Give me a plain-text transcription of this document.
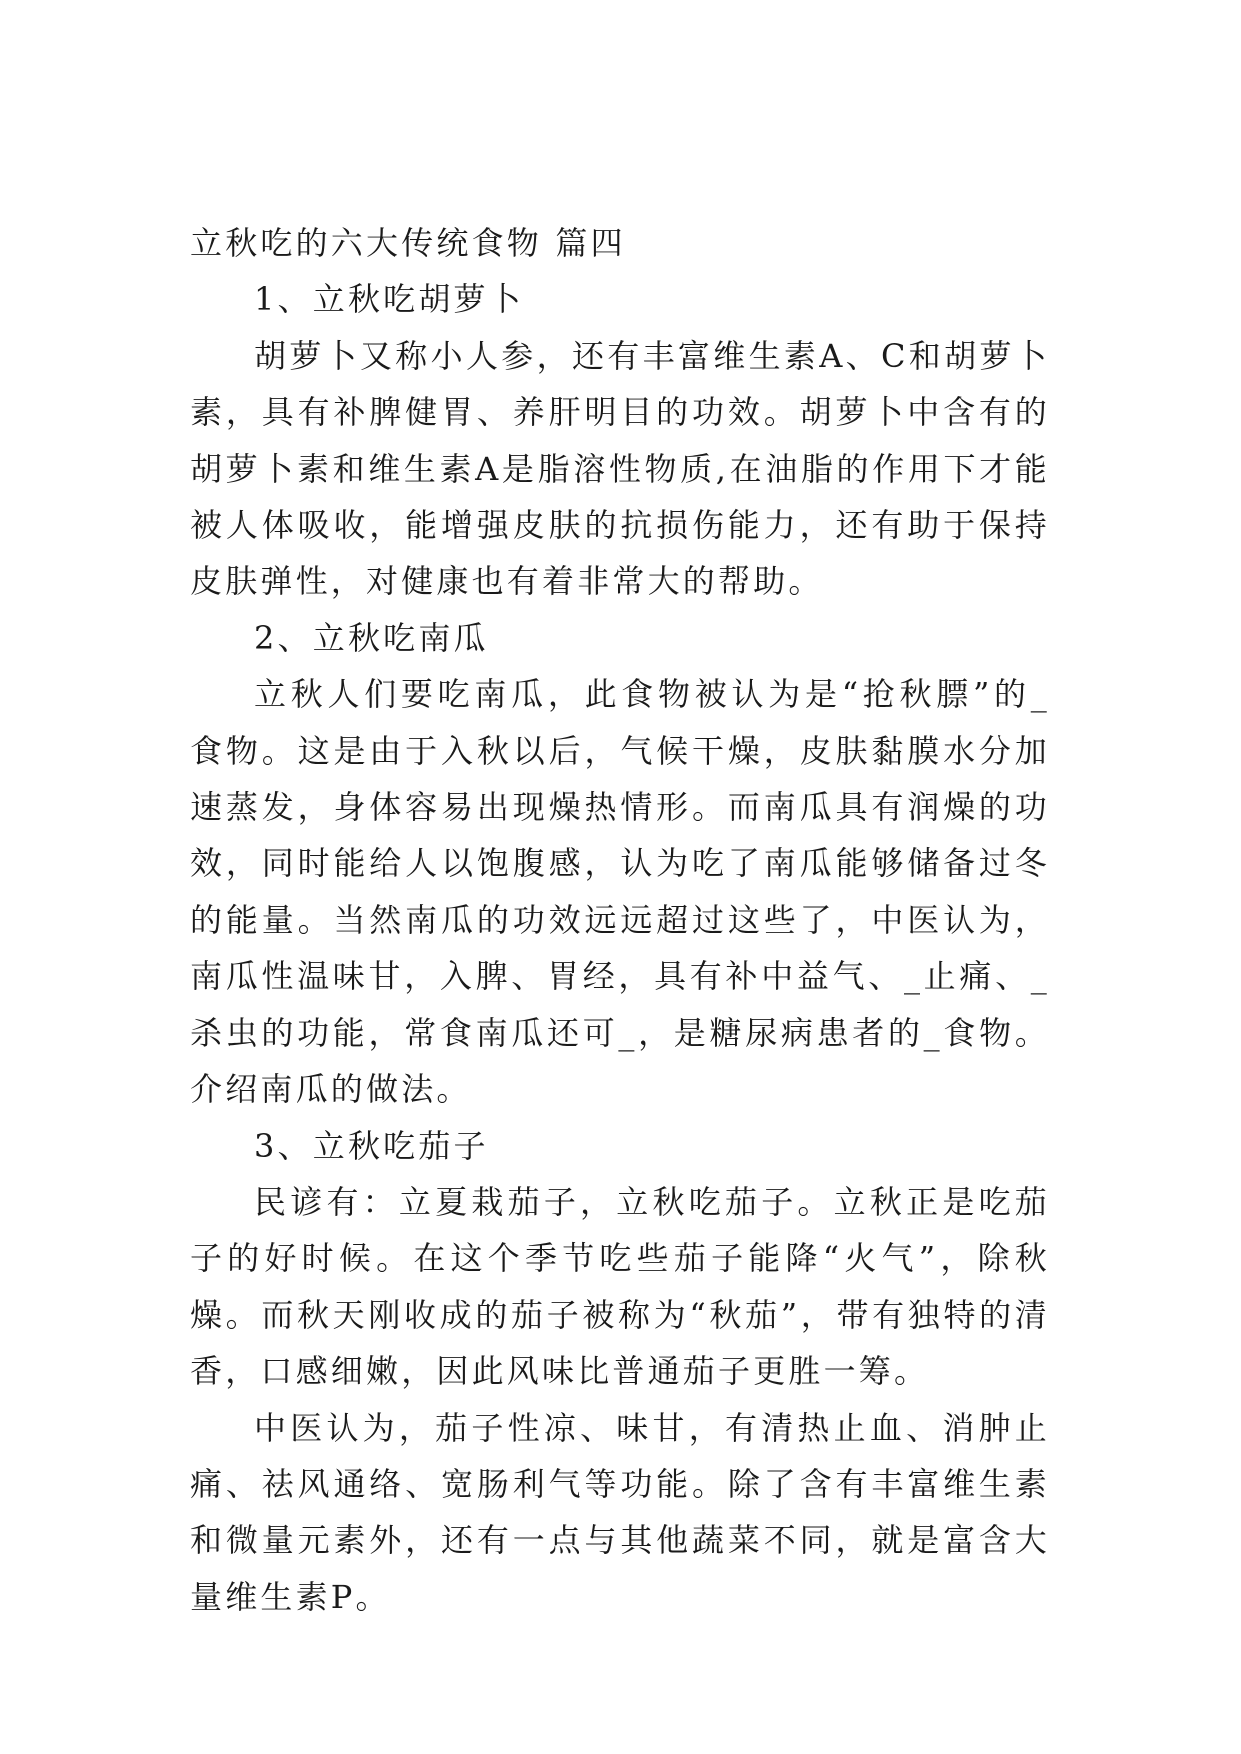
立秋吃的六大传统食物 篇四

1、立秋吃胡萝卜

胡萝卜又称小人参，还有丰富维生素A、C和胡萝卜素，具有补脾健胃、养肝明目的功效。胡萝卜中含有的胡萝卜素和维生素A是脂溶性物质,在油脂的作用下才能被人体吸收，能增强皮肤的抗损伤能力，还有助于保持皮肤弹性，对健康也有着非常大的帮助。

2、立秋吃南瓜

立秋人们要吃南瓜，此食物被认为是“抢秋膘”的_食物。这是由于入秋以后，气候干燥，皮肤黏膜水分加速蒸发，身体容易出现燥热情形。而南瓜具有润燥的功效，同时能给人以饱腹感，认为吃了南瓜能够储备过冬的能量。当然南瓜的功效远远超过这些了，中医认为，南瓜性温味甘，入脾、胃经，具有补中益气、_止痛、_杀虫的功能，常食南瓜还可_，是糖尿病患者的_食物。介绍南瓜的做法。

3、立秋吃茄子

民谚有：立夏栽茄子，立秋吃茄子。立秋正是吃茄子的好时候。在这个季节吃些茄子能降“火气”，除秋燥。而秋天刚收成的茄子被称为“秋茄”，带有独特的清香，口感细嫩，因此风味比普通茄子更胜一筹。

中医认为，茄子性凉、味甘，有清热止血、消肿止痛、祛风通络、宽肠利气等功能。除了含有丰富维生素和微量元素外，还有一点与其他蔬菜不同，就是富含大量维生素P。
